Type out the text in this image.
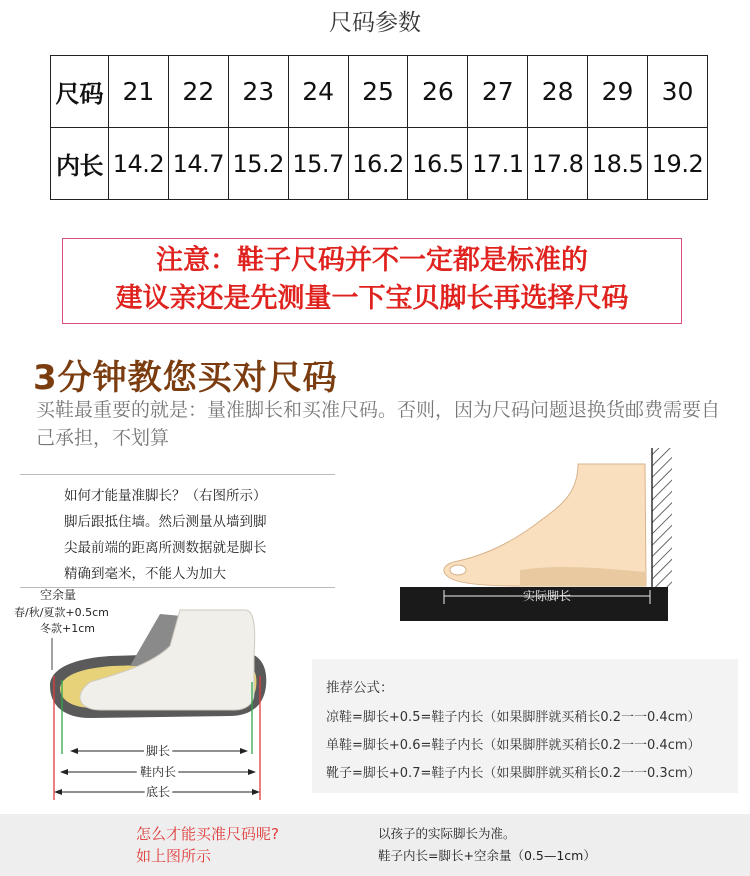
尺码参数
尺码	21	22	23	24	25	26	27	28	29	30
内长	14.2	14.7	15.2	15.7	16.2	16.5	17.1	17.8	18.5	19.2
注意：鞋子尺码并不一定都是标准的
建议亲还是先测量一下宝贝脚长再选择尺码
3分钟教您买对尺码
买鞋最重要的就是：量准脚长和买准尺码。否则，因为尺码问题退换货邮费需要自己承担，不划算
如何才能量准脚长？（右图所示）
脚后跟抵住墙。然后测量从墙到脚
尖最前端的距离所测数据就是脚长
精确到毫米，不能人为加大
实际脚长
空余量
春/秋/夏款+0.5cm
冬款+1cm
脚长
鞋内长
底长
推荐公式：
凉鞋=脚长+0.5=鞋子内长（如果脚胖就买稍长0.2一一0.4cm）
单鞋=脚长+0.6=鞋子内长（如果脚胖就买稍长0.2一一0.4cm）
靴子=脚长+0.7=鞋子内长（如果脚胖就买稍长0.2一一0.3cm）
怎么才能买准尺码呢?
如上图所示
以孩子的实际脚长为准。
鞋子内长=脚长+空余量（0.5—1cm）
